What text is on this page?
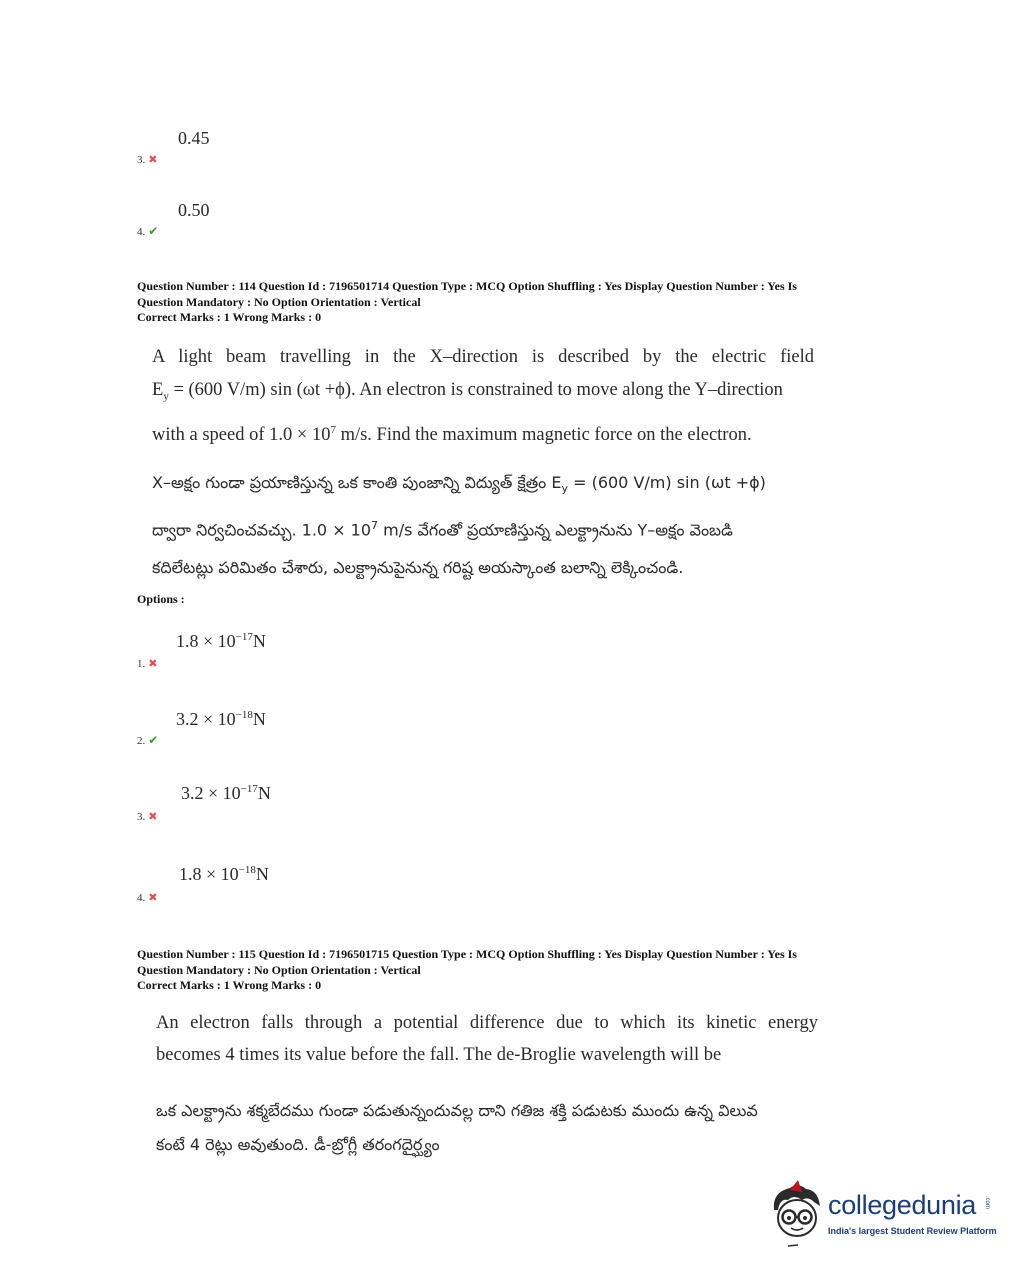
0.45
3. ✖
0.50
4. ✔
Question Number : 114 Question Id : 7196501714 Question Type : MCQ Option Shuffling : Yes Display Question Number : Yes Is
Question Mandatory : No Option Orientation : Vertical
Correct Marks : 1 Wrong Marks : 0
A light beam travelling in the X–direction is described by the electric field
$E_y = (600$ V/m) sin (ωt +ϕ). An electron is constrained to move along the Y–direction
with a speed of $1.0 \times 10^7$ m/s. Find the maximum magnetic force on the electron.
X–అక్షం గుండా ప్రయాణిస్తున్న ఒక కాంతి పుంజాన్ని విద్యుత్ క్షేత్రం $E_y = (600$ V/m) sin (ωt +ϕ)
ద్వారా నిర్వచించవచ్చు. $1.0 \times 10^7$ m/s వేగంతో ప్రయాణిస్తున్న ఎలక్ట్రానును Y–అక్షం వెంబడి
కదిలేటట్లు పరిమితం చేశారు, ఎలక్ట్రానుపైనున్న గరిష్ట అయస్కాంత బలాన్ని లెక్కించండి.
Options :
$1.8 \times 10^{-17}N$
1. ✖
$3.2 \times 10^{-18}N$
2. ✔
$3.2 \times 10^{-17}N$
3. ✖
$1.8 \times 10^{-18}N$
4. ✖
Question Number : 115 Question Id : 7196501715 Question Type : MCQ Option Shuffling : Yes Display Question Number : Yes Is
Question Mandatory : No Option Orientation : Vertical
Correct Marks : 1 Wrong Marks : 0
An electron falls through a potential difference due to which its kinetic energy
becomes 4 times its value before the fall. The de-Broglie wavelength will be
ఒక ఎలక్ట్రాను శక్మబేదము గుండా పడుతున్నందువల్ల దాని గతిజ శక్తి పడుటకు ముందు ఉన్న విలువ
కంటే 4 రెట్లు అవుతుంది. డీ-బ్రోగ్లీ తరంగదైర్ఘ్యం
collegedunia .com
India's largest Student Review Platform
